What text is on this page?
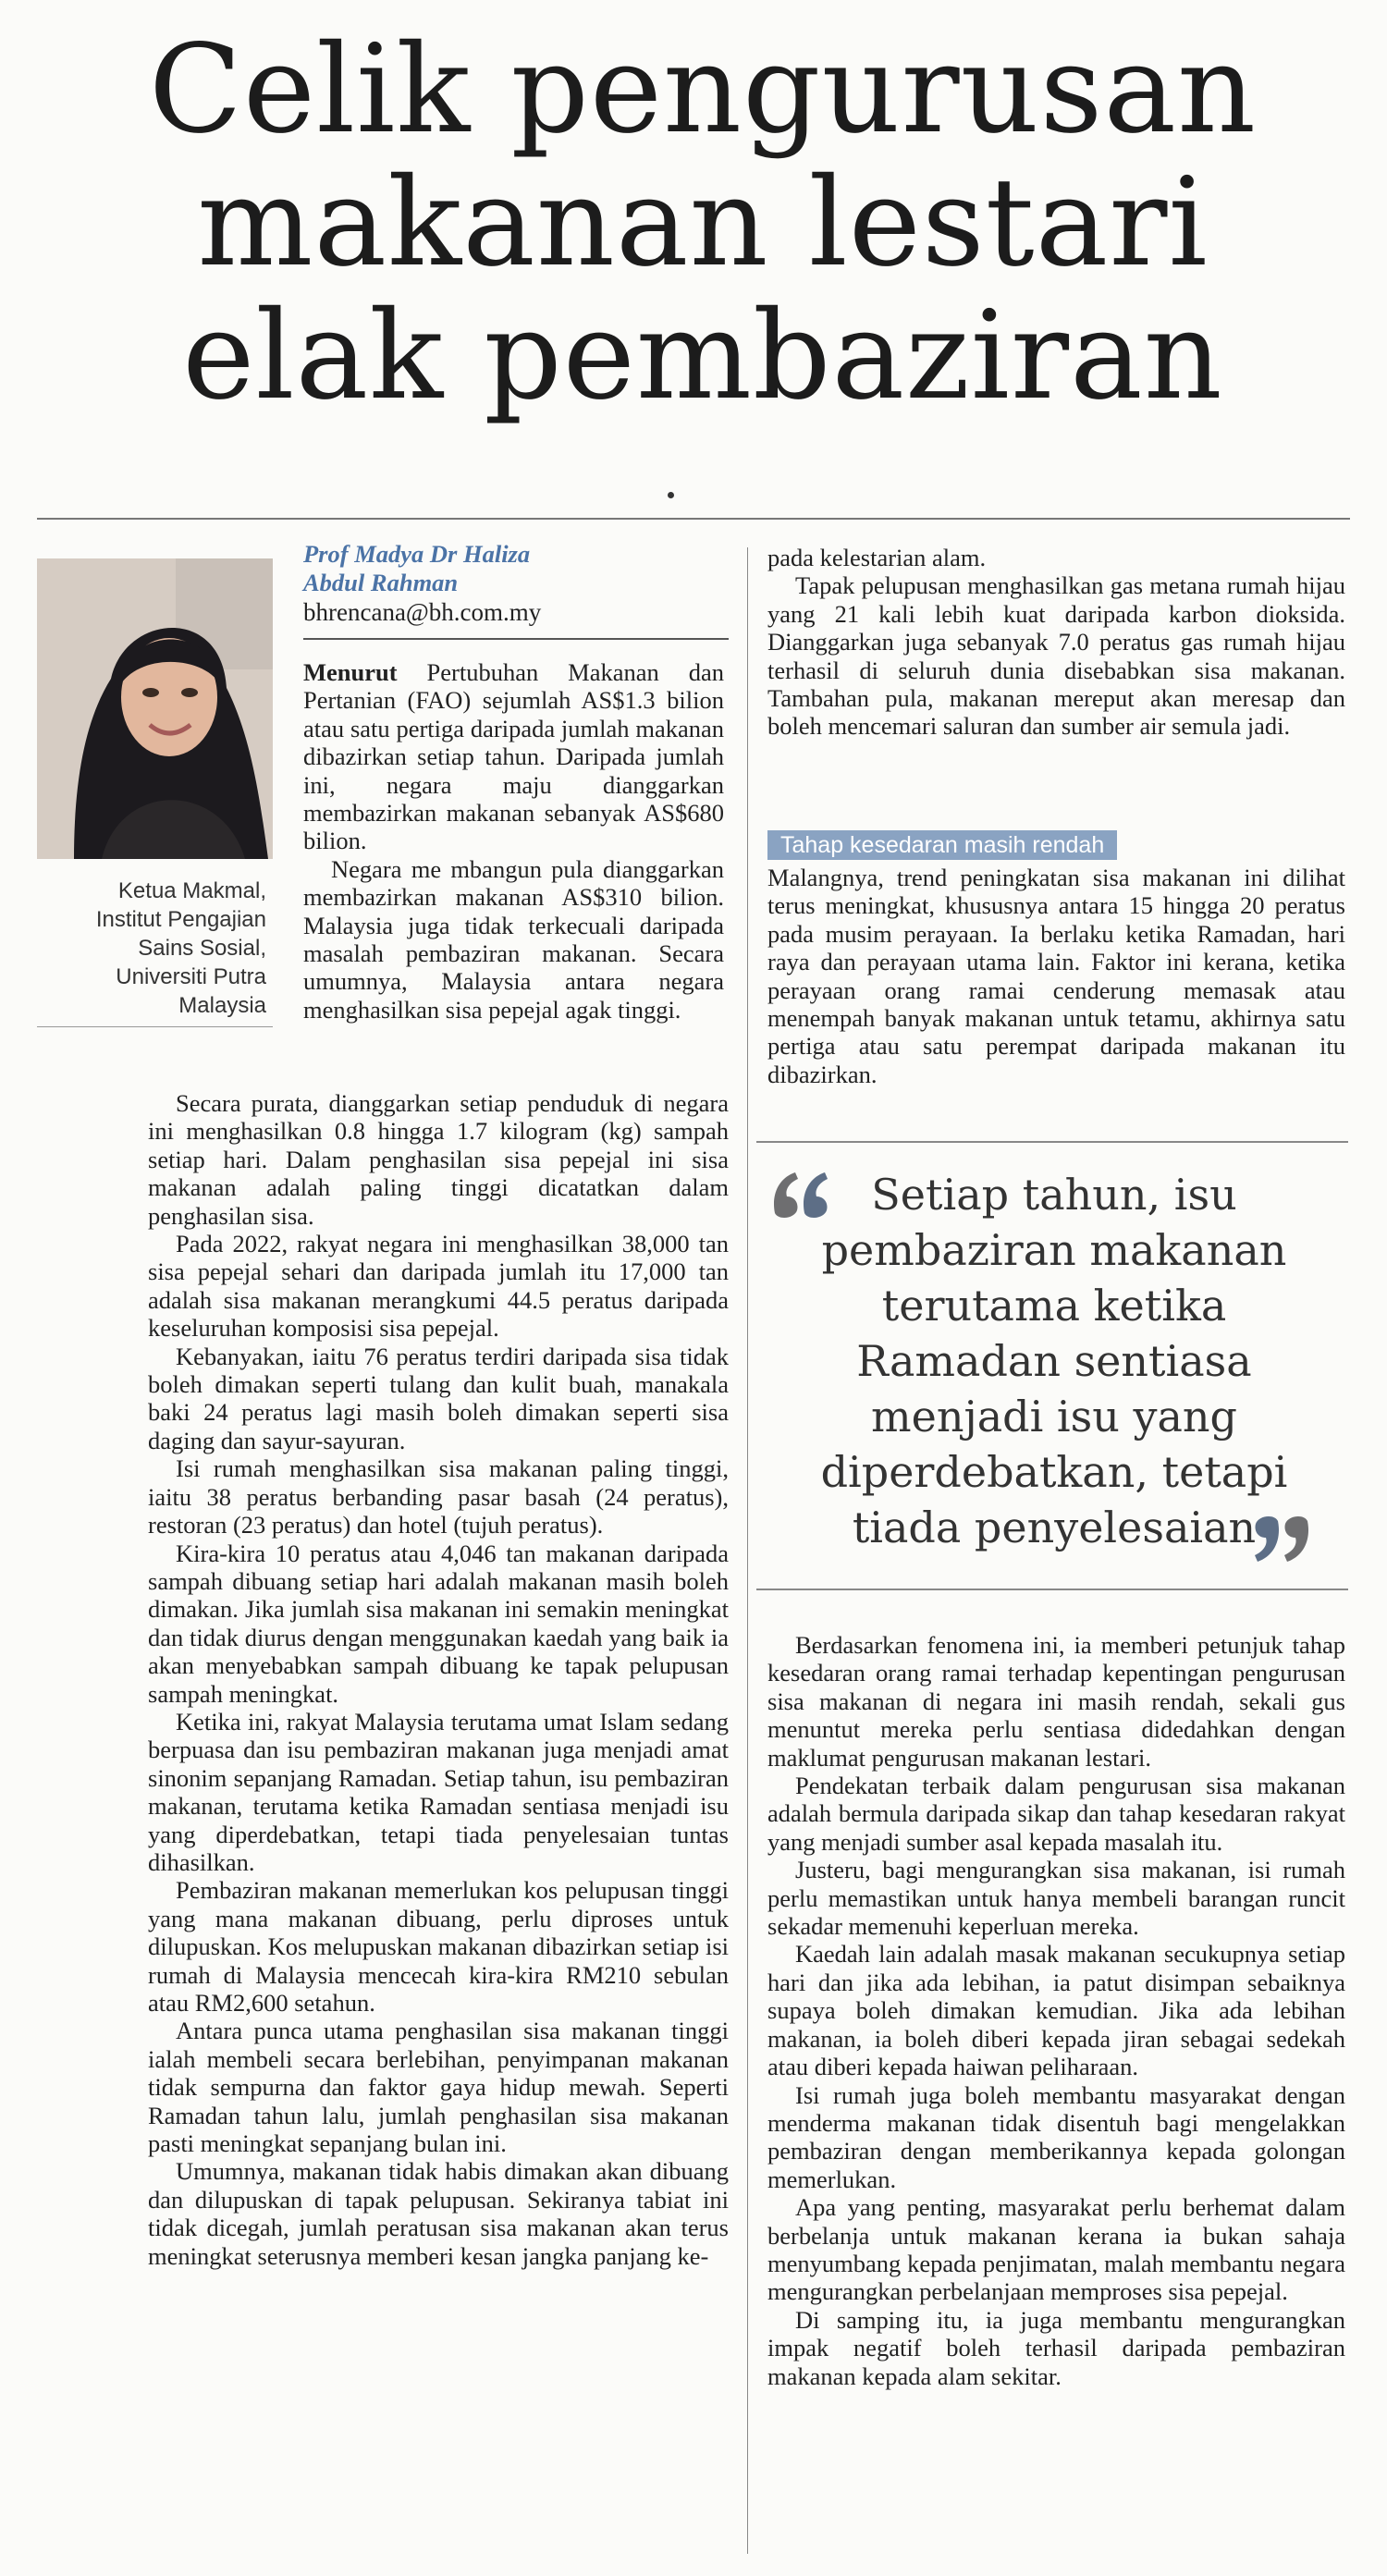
Celik pengurusan
makanan lestari
elak pembaziran
Ketua Makmal,
Institut Pengajian
Sains Sosial,
Universiti Putra
Malaysia
Prof Madya Dr Haliza
Abdul Rahman
bhrencana@bh.com.my

Menurut Pertubuhan Makanan dan Pertanian (FAO) sejumlah AS$1.3 bilion atau satu pertiga daripada jumlah makanan dibazirkan setiap tahun. Daripada jumlah ini, negara maju dianggarkan membazirkan makanan sebanyak AS$680 bilion.

Negara me mbangun pula dianggarkan membazirkan makanan AS$310 bilion. Malaysia juga tidak terkecuali daripada masalah pembaziran makanan. Secara umumnya, Malaysia antara negara menghasilkan sisa pepejal agak tinggi.

Secara purata, dianggarkan setiap penduduk di negara ini menghasilkan 0.8 hingga 1.7 kilogram (kg) sampah setiap hari. Dalam penghasilan sisa pepejal ini sisa makanan adalah paling tinggi dicatatkan dalam penghasilan sisa.

Pada 2022, rakyat negara ini menghasilkan 38,000 tan sisa pepejal sehari dan daripada jumlah itu 17,000 tan adalah sisa makanan merangkumi 44.5 peratus daripada keseluruhan komposisi sisa pepejal.

Kebanyakan, iaitu 76 peratus terdiri daripada sisa tidak boleh dimakan seperti tulang dan kulit buah, manakala baki 24 peratus lagi masih boleh dimakan seperti sisa daging dan sayur-sayuran.

Isi rumah menghasilkan sisa makanan paling tinggi, iaitu 38 peratus berbanding pasar basah (24 peratus), restoran (23 peratus) dan hotel (tujuh peratus).

Kira-kira 10 peratus atau 4,046 tan makanan daripada sampah dibuang setiap hari adalah makanan masih boleh dimakan. Jika jumlah sisa makanan ini semakin meningkat dan tidak diurus dengan menggunakan kaedah yang baik ia akan menyebabkan sampah dibuang ke tapak pelupusan sampah meningkat.

Ketika ini, rakyat Malaysia terutama umat Islam sedang berpuasa dan isu pembaziran makanan juga menjadi amat sinonim sepanjang Ramadan. Setiap tahun, isu pembaziran makanan, terutama ketika Ramadan sentiasa menjadi isu yang diperdebatkan, tetapi tiada penyelesaian tuntas dihasilkan.

Pembaziran makanan memerlukan kos pelupusan tinggi yang mana makanan dibuang, perlu diproses untuk dilupuskan. Kos melupuskan makanan dibazirkan setiap isi rumah di Malaysia mencecah kira-kira RM210 sebulan atau RM2,600 setahun.

Antara punca utama penghasilan sisa makanan tinggi ialah membeli secara berlebihan, penyimpanan makanan tidak sempurna dan faktor gaya hidup mewah. Seperti Ramadan tahun lalu, jumlah penghasilan sisa makanan pasti meningkat sepanjang bulan ini.

Umumnya, makanan tidak habis dimakan akan dibuang dan dilupuskan di tapak pelupusan. Sekiranya tabiat ini tidak dicegah, jumlah peratusan sisa makanan akan terus meningkat seterusnya memberi kesan jangka panjang ke-

pada kelestarian alam.

Tapak pelupusan menghasilkan gas metana rumah hijau yang 21 kali lebih kuat daripada karbon dioksida. Dianggarkan juga sebanyak 7.0 peratus gas rumah hijau terhasil di seluruh dunia disebabkan sisa makanan. Tambahan pula, makanan mereput akan meresap dan boleh mencemari saluran dan sumber air semula jadi.

Tahap kesedaran masih rendah

Malangnya, trend peningkatan sisa makanan ini dilihat terus meningkat, khususnya antara 15 hingga 20 peratus pada musim perayaan. Ia berlaku ketika Ramadan, hari raya dan perayaan utama lain. Faktor ini kerana, ketika perayaan orang ramai cenderung memasak atau menempah banyak makanan untuk tetamu, akhirnya satu pertiga atau satu perempat daripada makanan itu dibazirkan.

Setiap tahun, isu
pembaziran makanan
terutama ketika
Ramadan sentiasa
menjadi isu yang
diperdebatkan, tetapi
tiada penyelesaian

Berdasarkan fenomena ini, ia memberi petunjuk tahap kesedaran orang ramai terhadap kepentingan pengurusan sisa makanan di negara ini masih rendah, sekali gus menuntut mereka perlu sentiasa didedahkan dengan maklumat pengurusan makanan lestari.

Pendekatan terbaik dalam pengurusan sisa makanan adalah bermula daripada sikap dan tahap kesedaran rakyat yang menjadi sumber asal kepada masalah itu.

Justeru, bagi mengurangkan sisa makanan, isi rumah perlu memastikan untuk hanya membeli barangan runcit sekadar memenuhi keperluan mereka.

Kaedah lain adalah masak makanan secukupnya setiap hari dan jika ada lebihan, ia patut disimpan sebaiknya supaya boleh dimakan kemudian. Jika ada lebihan makanan, ia boleh diberi kepada jiran sebagai sedekah atau diberi kepada haiwan peliharaan.

Isi rumah juga boleh membantu masyarakat dengan menderma makanan tidak disentuh bagi mengelakkan pembaziran dengan memberikannya kepada golongan memerlukan.

Apa yang penting, masyarakat perlu berhemat dalam berbelanja untuk makanan kerana ia bukan sahaja menyumbang kepada penjimatan, malah membantu negara mengurangkan perbelanjaan memproses sisa pepejal.

Di samping itu, ia juga membantu mengurangkan impak negatif boleh terhasil daripada pembaziran makanan kepada alam sekitar.
